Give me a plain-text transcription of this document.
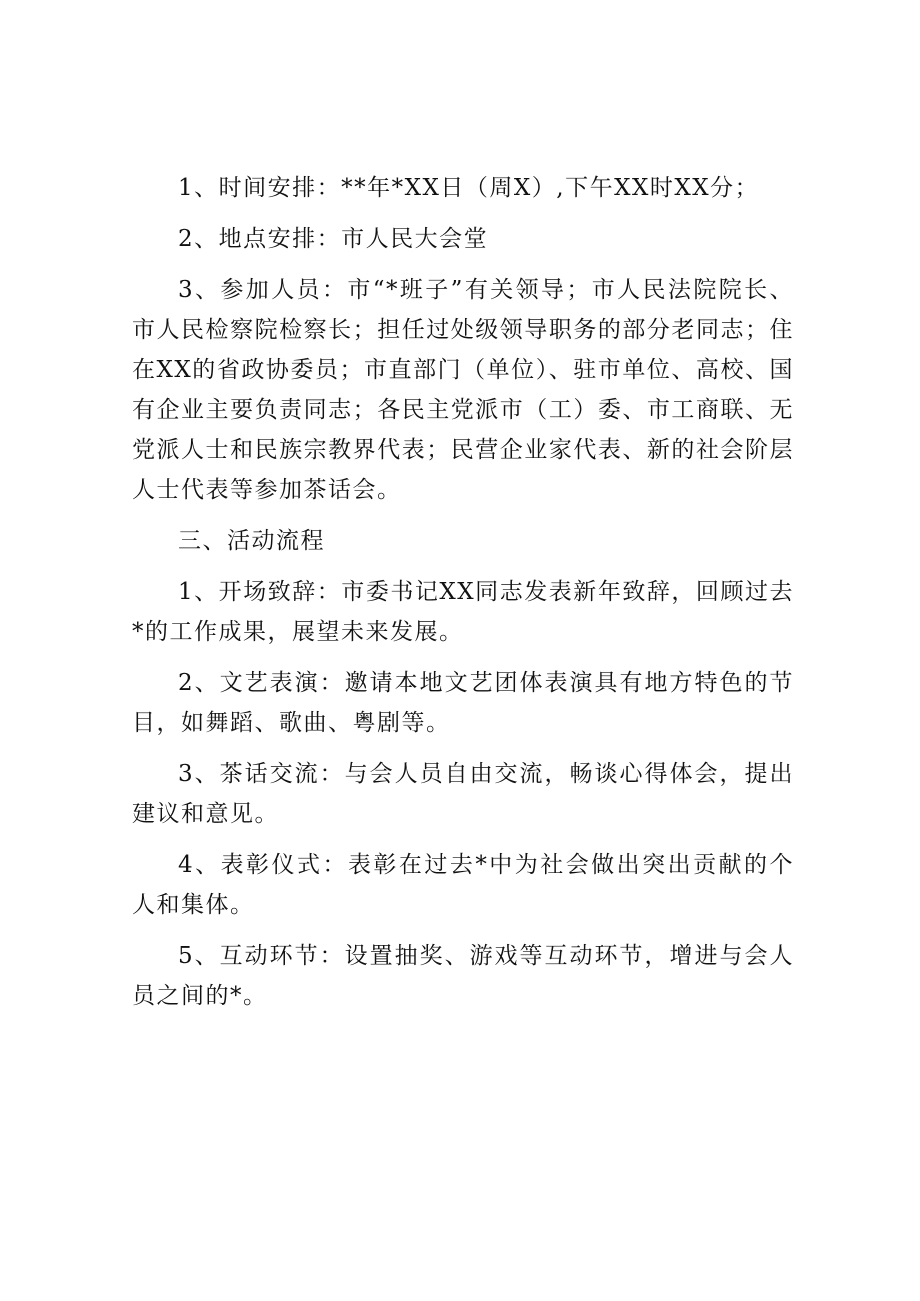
1、时间安排：**年*XX日（周X）,下午XX时XX分；

2、地点安排：市人民大会堂

3、参加人员：市“*班子”有关领导；市人民法院院长、市人民检察院检察长；担任过处级领导职务的部分老同志；住在XX的省政协委员；市直部门（单位）、驻市单位、高校、国有企业主要负责同志；各民主党派市（工）委、市工商联、无党派人士和民族宗教界代表；民营企业家代表、新的社会阶层人士代表等参加茶话会。

三、活动流程

1、开场致辞：市委书记XX同志发表新年致辞，回顾过去*的工作成果，展望未来发展。

2、文艺表演：邀请本地文艺团体表演具有地方特色的节目，如舞蹈、歌曲、粤剧等。

3、茶话交流：与会人员自由交流，畅谈心得体会，提出建议和意见。

4、表彰仪式：表彰在过去*中为社会做出突出贡献的个人和集体。

5、互动环节：设置抽奖、游戏等互动环节，增进与会人员之间的*。
